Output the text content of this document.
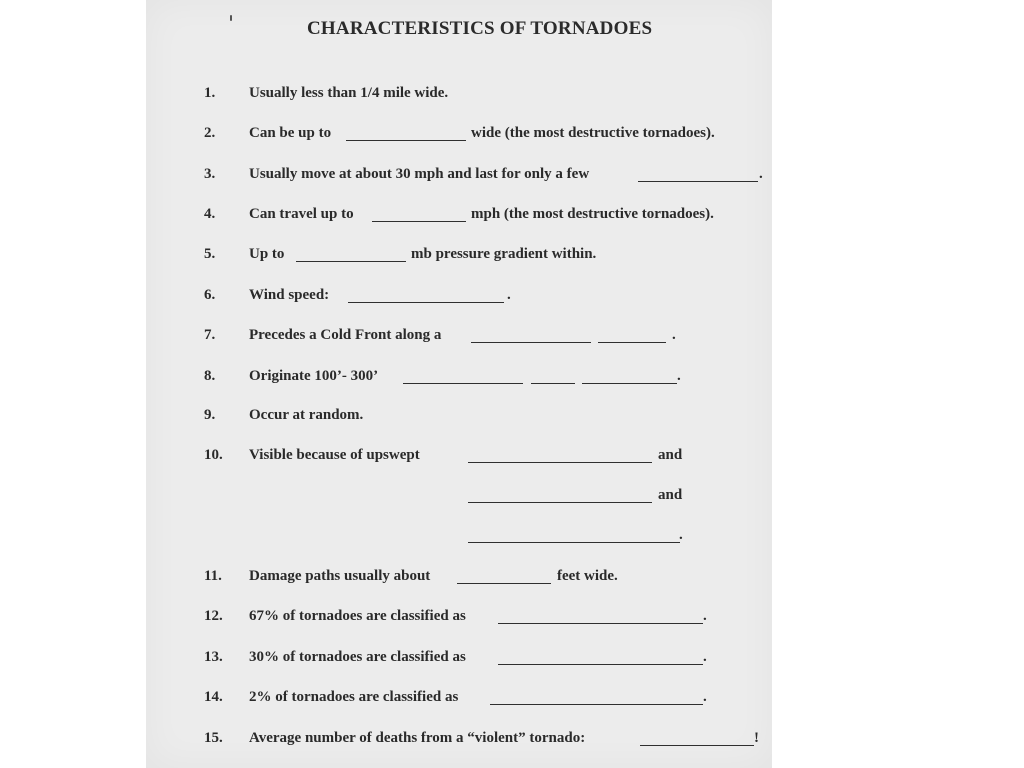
CHARACTERISTICS OF TORNADOES
1. Usually less than 1/4 mile wide.
2. Can be up to	wide (the most destructive tornadoes).
3. Usually move at about 30 mph and last for only a few	.
4. Can travel up to	mph (the most destructive tornadoes).
5. Up to	mb pressure gradient within.
6. Wind speed:	.
7. Precedes a Cold Front along a	.
8. Originate 100’- 300’	.
9. Occur at random.
10. Visible because of upswept	and
and
.
11. Damage paths usually about	feet wide.
12. 67% of tornadoes are classified as	.
13. 30% of tornadoes are classified as	.
14. 2% of tornadoes are classified as	.
15. Average number of deaths from a “violent” tornado:	!
